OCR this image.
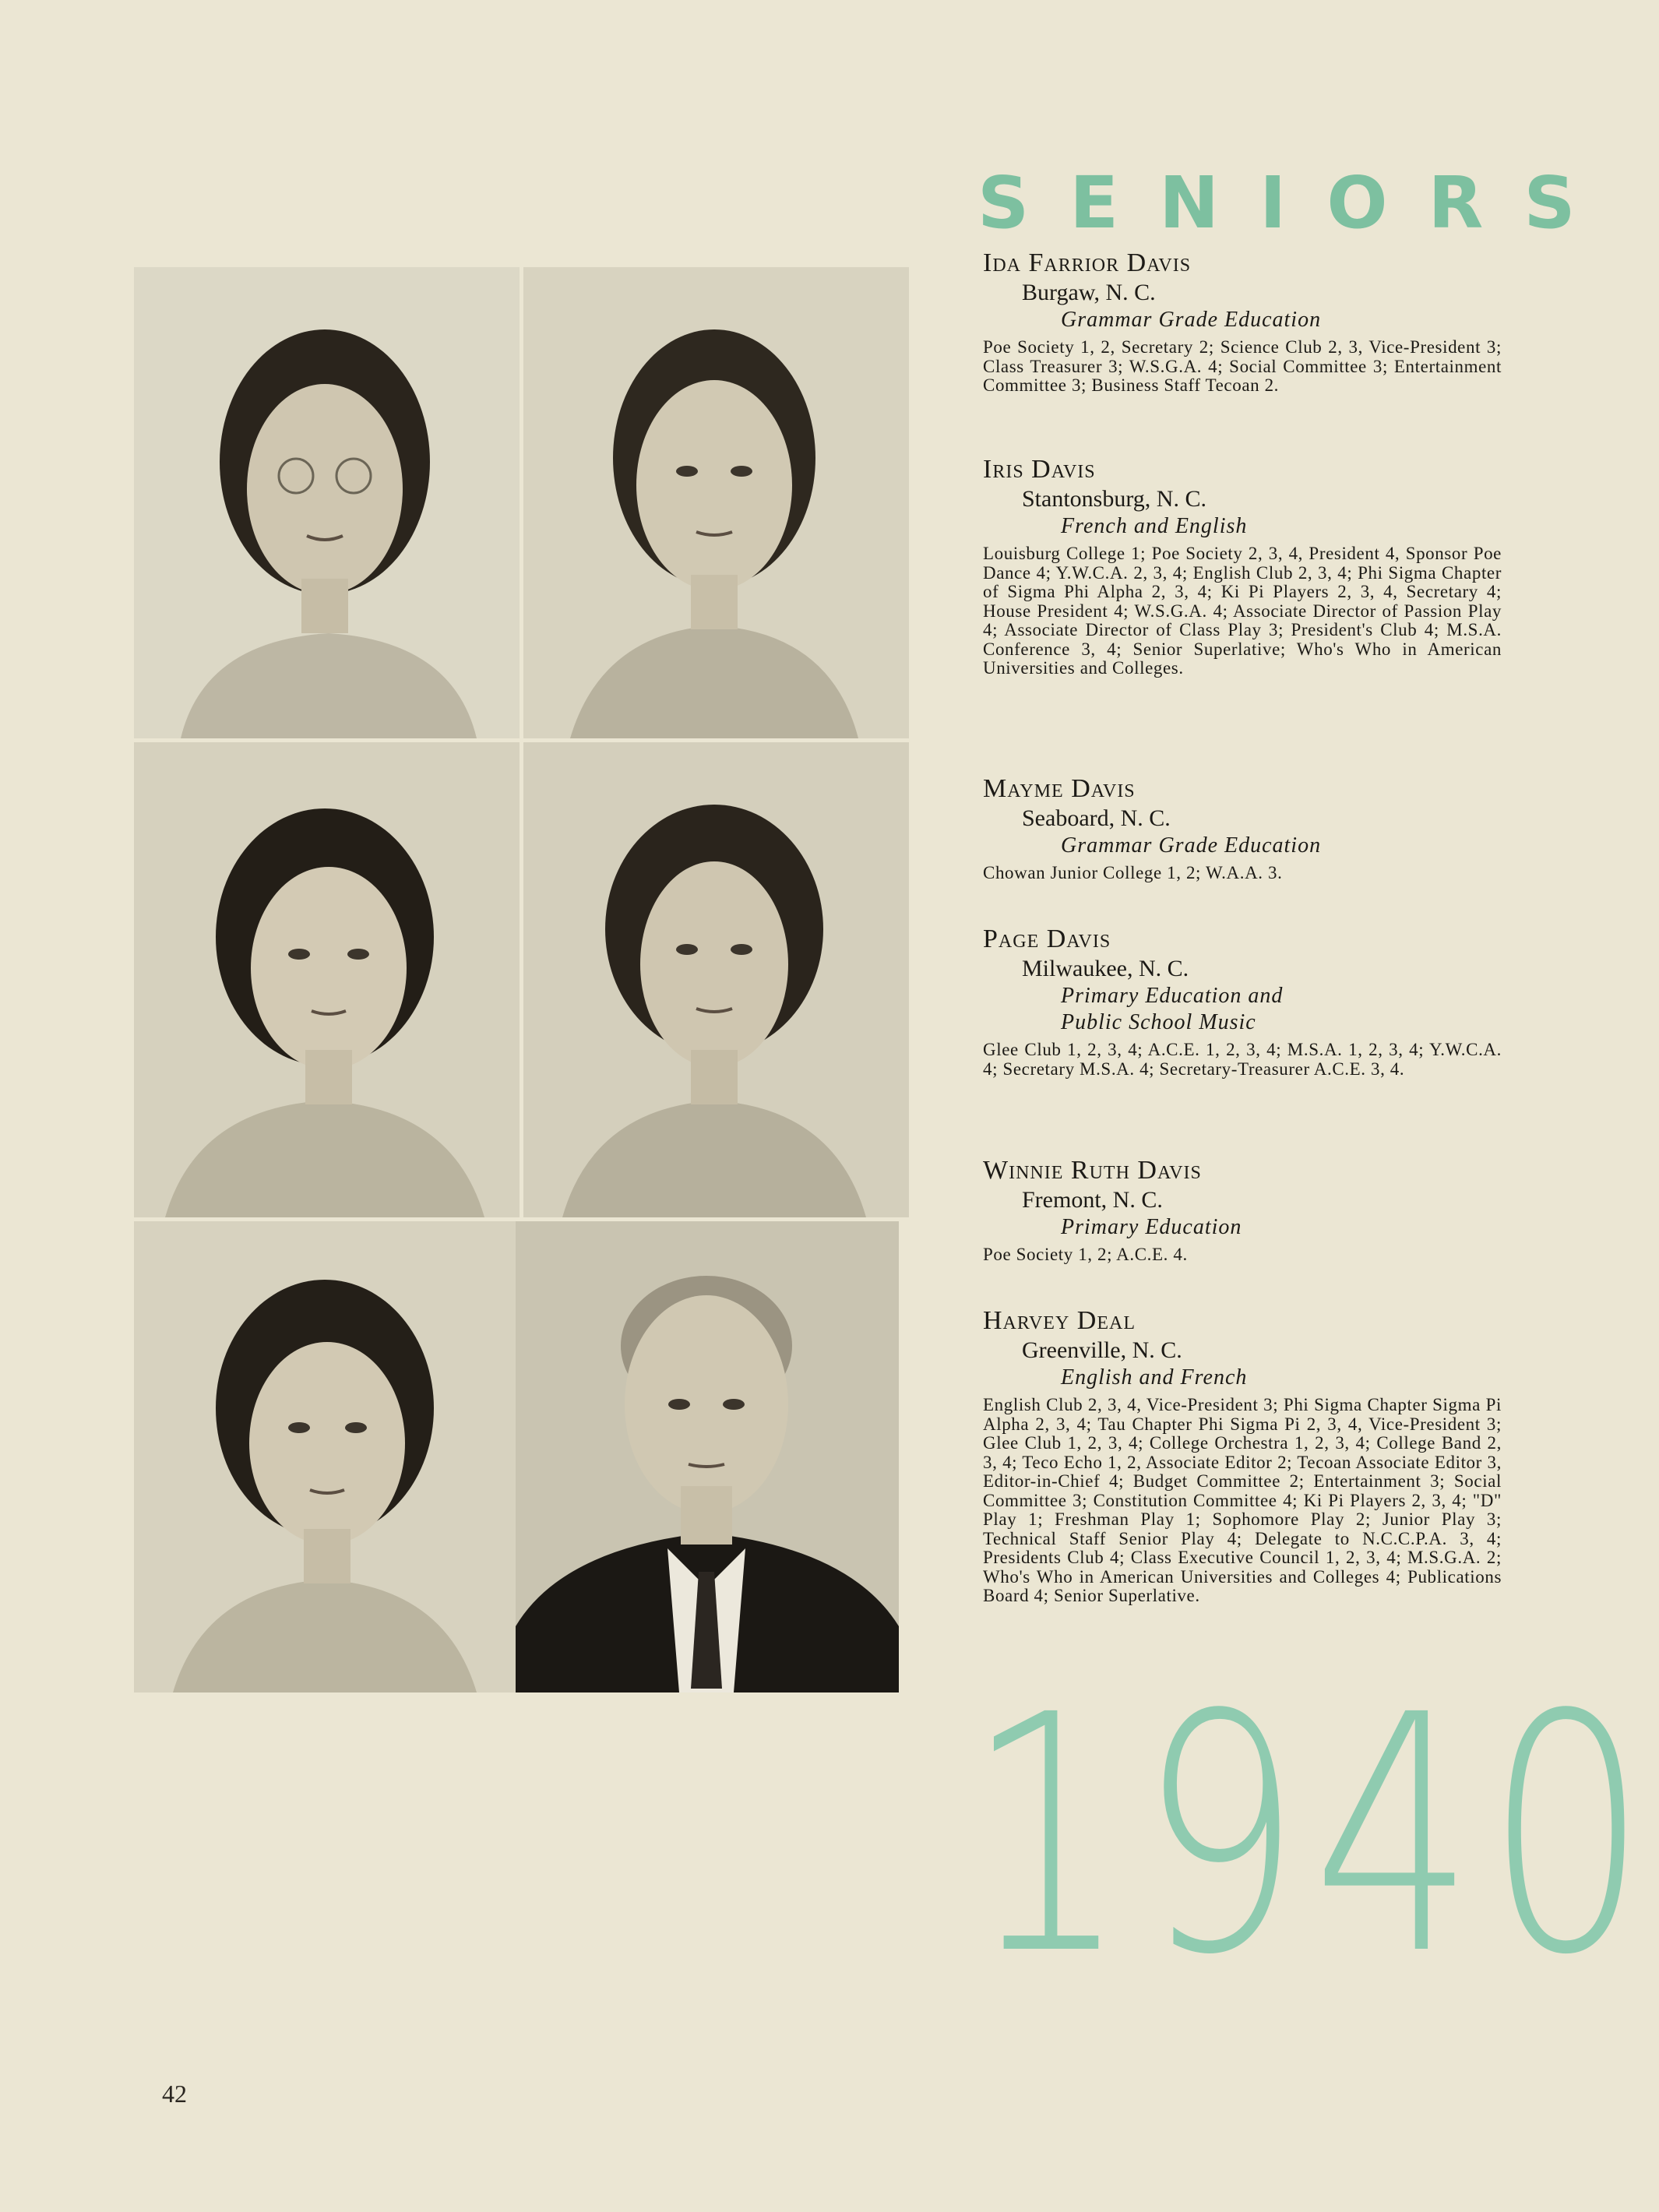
SENIORS
Ida Farrior Davis
Burgaw, N. C.
Grammar Grade Education
Poe Society 1, 2, Secretary 2; Science Club 2, 3, Vice-President 3; Class Treasurer 3; W.S.G.A. 4; Social Committee 3; Entertainment Committee 3; Business Staff Tecoan 2.
Iris Davis
Stantonsburg, N. C.
French and English
Louisburg College 1; Poe Society 2, 3, 4, President 4, Sponsor Poe Dance 4; Y.W.C.A. 2, 3, 4; English Club 2, 3, 4; Phi Sigma Chapter of Sigma Phi Alpha 2, 3, 4; Ki Pi Players 2, 3, 4, Secretary 4; House President 4; W.S.G.A. 4; Associate Director of Passion Play 4; Associate Director of Class Play 3; President's Club 4; M.S.A. Conference 3, 4; Senior Superlative; Who's Who in American Universities and Colleges.
Mayme Davis
Seaboard, N. C.
Grammar Grade Education
Chowan Junior College 1, 2; W.A.A. 3.
Page Davis
Milwaukee, N. C.
Primary Education and Public School Music
Glee Club 1, 2, 3, 4; A.C.E. 1, 2, 3, 4; M.S.A. 1, 2, 3, 4; Y.W.C.A. 4; Secretary M.S.A. 4; Secretary-Treasurer A.C.E. 3, 4.
Winnie Ruth Davis
Fremont, N. C.
Primary Education
Poe Society 1, 2; A.C.E. 4.
Harvey Deal
Greenville, N. C.
English and French
English Club 2, 3, 4, Vice-President 3; Phi Sigma Chapter Sigma Pi Alpha 2, 3, 4; Tau Chapter Phi Sigma Pi 2, 3, 4, Vice-President 3; Glee Club 1, 2, 3, 4; College Orchestra 1, 2, 3, 4; College Band 2, 3, 4; Teco Echo 1, 2, Associate Editor 2; Tecoan Associate Editor 3, Editor-in-Chief 4; Budget Committee 2; Entertainment 3; Social Committee 3; Constitution Committee 4; Ki Pi Players 2, 3, 4; "D" Play 1; Freshman Play 1; Sophomore Play 2; Junior Play 3; Technical Staff Senior Play 4; Delegate to N.C.C.P.A. 3, 4; Presidents Club 4; Class Executive Council 1, 2, 3, 4; M.S.G.A. 2; Who's Who in American Universities and Colleges 4; Publications Board 4; Senior Superlative.
1940
42
